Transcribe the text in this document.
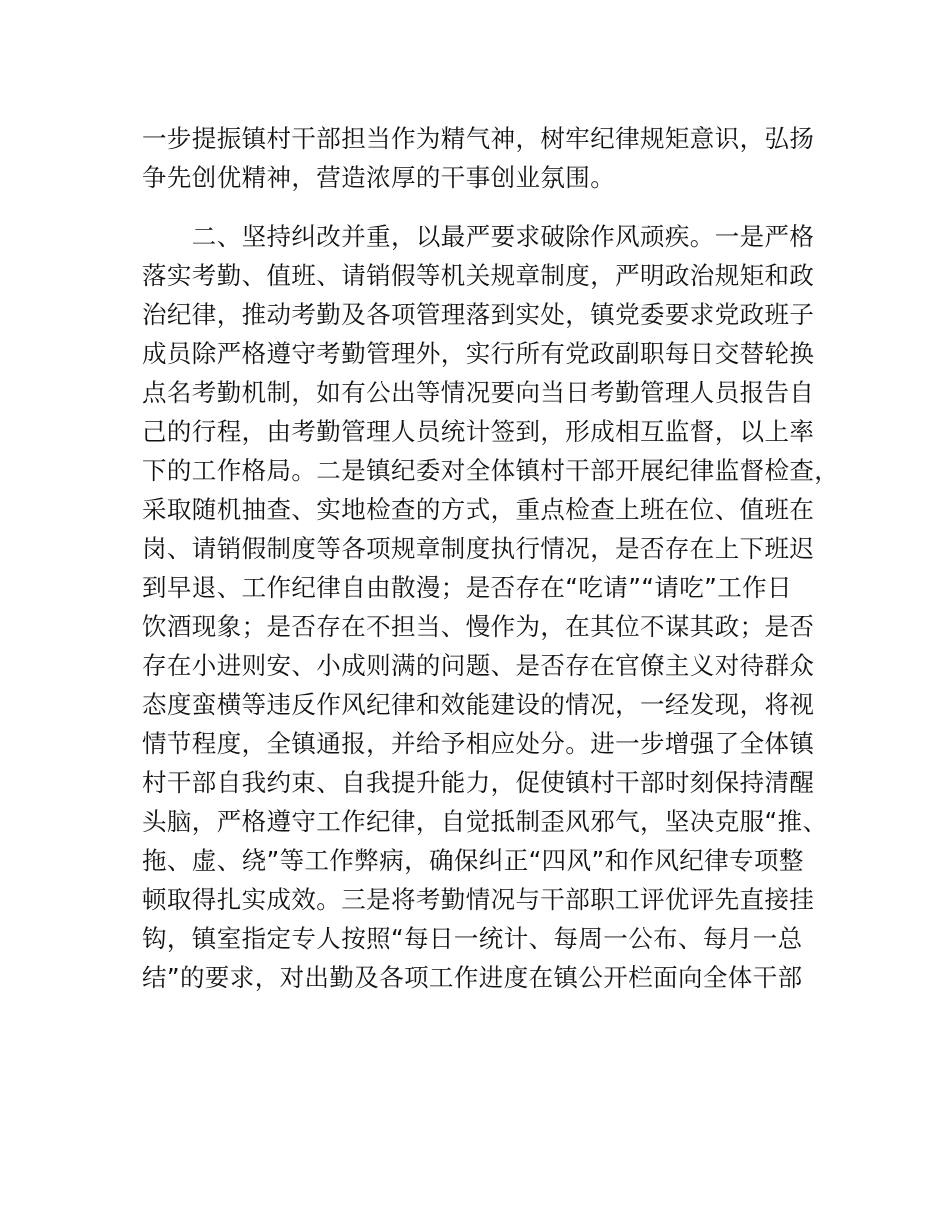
一步提振镇村干部担当作为精气神，树牢纪律规矩意识，弘扬
争先创优精神，营造浓厚的干事创业氛围。
　　二、坚持纠改并重，以最严要求破除作风顽疾。一是严格
落实考勤、值班、请销假等机关规章制度，严明政治规矩和政
治纪律，推动考勤及各项管理落到实处，镇党委要求党政班子
成员除严格遵守考勤管理外，实行所有党政副职每日交替轮换
点名考勤机制，如有公出等情况要向当日考勤管理人员报告自
己的行程，由考勤管理人员统计签到，形成相互监督，以上率
下的工作格局。二是镇纪委对全体镇村干部开展纪律监督检查，
采取随机抽查、实地检查的方式，重点检查上班在位、值班在
岗、请销假制度等各项规章制度执行情况，是否存在上下班迟
到早退、工作纪律自由散漫；是否存在“吃请”“请吃”工作日
饮酒现象；是否存在不担当、慢作为，在其位不谋其政；是否
存在小进则安、小成则满的问题、是否存在官僚主义对待群众
态度蛮横等违反作风纪律和效能建设的情况，一经发现，将视
情节程度，全镇通报，并给予相应处分。进一步增强了全体镇
村干部自我约束、自我提升能力，促使镇村干部时刻保持清醒
头脑，严格遵守工作纪律，自觉抵制歪风邪气，坚决克服“推、
拖、虚、绕”等工作弊病，确保纠正“四风”和作风纪律专项整
顿取得扎实成效。三是将考勤情况与干部职工评优评先直接挂
钩，镇室指定专人按照“每日一统计、每周一公布、每月一总
结”的要求，对出勤及各项工作进度在镇公开栏面向全体干部
